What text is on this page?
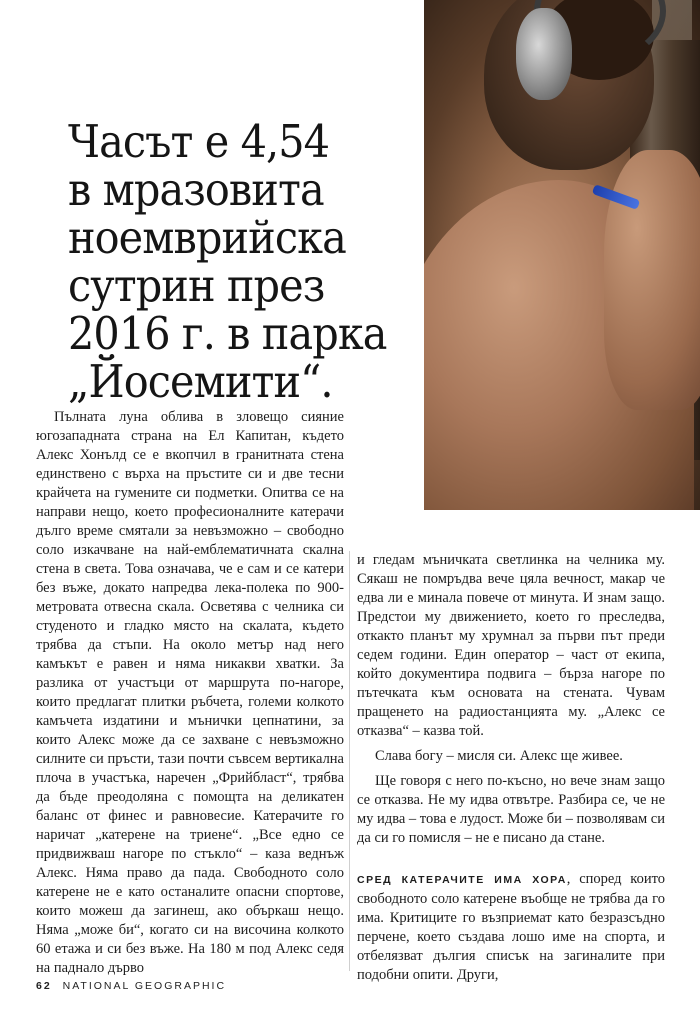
Часът е 4,54
в мразовита
ноемврийска
сутрин през
2016 г. в парка
„Йосемити“.

Пълната луна облива в зловещо сияние югозападната страна на Ел Капитан, където Алекс Хонълд се е вкопчил в гранитната стена единствено с върха на пръстите си и две тесни крайчета на гумените си подметки. Опитва се на направи нещо, което професионалните катерачи дълго време смятали за невъзможно – свободно соло изкачване на най-емблематичната скална стена в света. Това означава, че е сам и се катери без въже, докато напредва лека-полека по 900-метровата отвесна скала. Осветява с челника си студеното и гладко място на скалата, където трябва да стъпи. На около метър над него камъкът е равен и няма никакви хватки. За разлика от участъци от маршрута по-нагоре, които предлагат плитки ръбчета, големи колкото камъчета издатини и мънички цепнатини, за които Алекс може да се захване с невъзможно силните си пръсти, тази почти съвсем вертикална плоча в участъка, наречен „Фрийбласт“, трябва да бъде преодоляна с помощта на деликатен баланс от финес и равновесие. Катерачите го наричат „катерене на триене“. „Все едно се придвижваш нагоре по стъкло“ – каза веднъж Алекс. Няма право да пада. Свободното соло катерене не е като останалите опасни спортове, които можеш да загинеш, ако объркаш нещо. Няма „може би“, когато си на височина колкото 60 етажа и си без въже. На 180 м под Алекс седя на паднало дърво

и гледам мъничката светлинка на челника му. Сякаш не помръдва вече цяла вечност, макар че едва ли е минала повече от минута. И знам защо. Предстои му движението, което го преследва, откакто планът му хрумнал за първи път преди седем години. Един оператор – част от екипа, който документира подвига – бърза нагоре по пътечката към основата на стената. Чувам пращенето на радиостанцията му. „Алекс се отказва“ – казва той.

Слава богу – мисля си. Алекс ще живее.

Ще говоря с него по-късно, но вече знам защо се отказва. Не му идва отвътре. Разбира се, че не му идва – това е лудост. Може би – позволявам си да си го помисля – не е писано да стане.

СРЕД КАТЕРАЧИТЕ ИМА ХОРА, според които свободното соло катерене въобще не трябва да го има. Критиците го възприемат като безразсъдно перчене, което създава лошо име на спорта, и отбелязват дългия списък на загиналите при подобни опити. Други,

62 NATIONAL GEOGRAPHIC
